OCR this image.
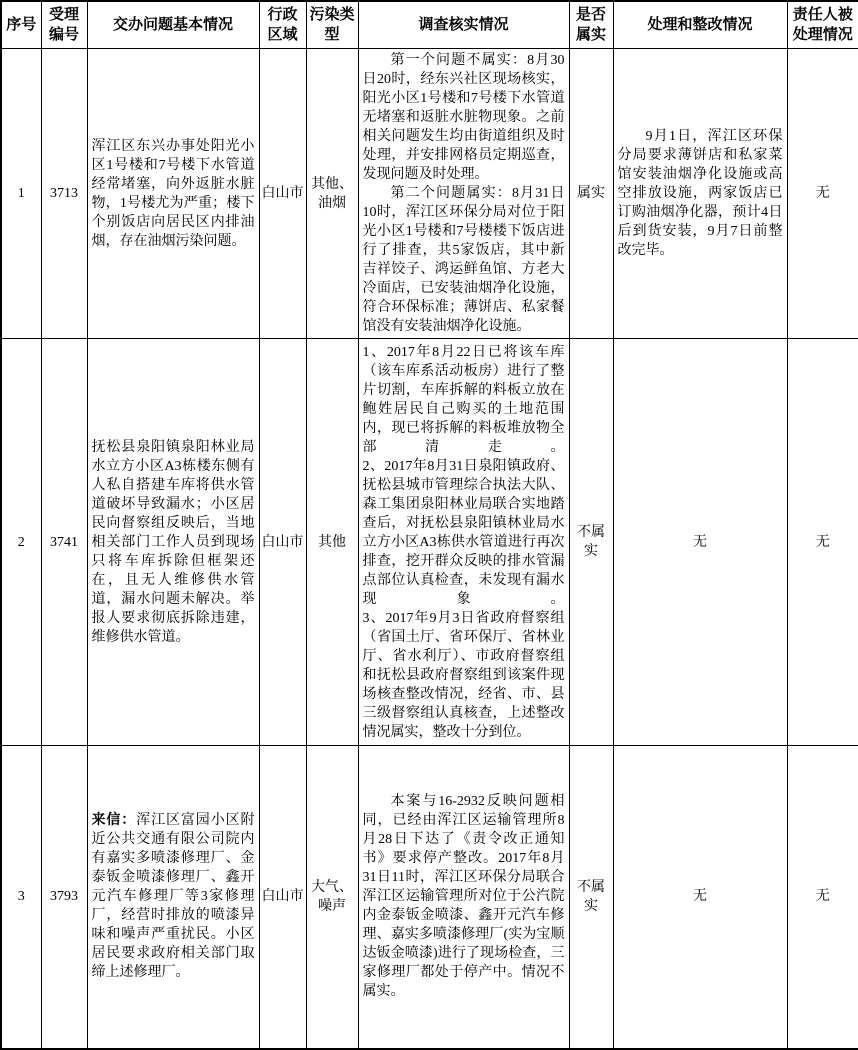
序号	受理编号	交办问题基本情况	行政区域	污染类型	调查核实情况	是否属实	处理和整改情况	责任人被处理情况
1	3713	浑江区东兴办事处阳光小区1号楼和7号楼下水管道经常堵塞，向外返脏水脏物，1号楼尤为严重；楼下个别饭店向居民区内排油烟，存在油烟污染问题。	白山市	其他、油烟	第一个问题不属实：8月30日20时，经东兴社区现场核实，阳光小区1号楼和7号楼下水管道无堵塞和返脏水脏物现象。之前相关问题发生均由街道组织及时处理，并安排网格员定期巡查，发现问题及时处理。

第二个问题属实：8月31日10时，浑江区环保分局对位于阳光小区1号楼和7号楼楼下饭店进行了排查，共5家饭店，其中新吉祥饺子、鸿运鲜鱼馆、方老大冷面店，已安装油烟净化设施，符合环保标准；薄饼店、私家餐馆没有安装油烟净化设施。	属实	9月1日，浑江区环保分局要求薄饼店和私家菜馆安装油烟净化设施或高空排放设施，两家饭店已订购油烟净化器，预计4日后到货安装，9月7日前整改完毕。	无
2	3741	抚松县泉阳镇泉阳林业局水立方小区A3栋楼东侧有人私自搭建车库将供水管道破坏导致漏水；小区居民向督察组反映后，当地相关部门工作人员到现场只将车库拆除但框架还在，且无人维修供水管道，漏水问题未解决。举报人要求彻底拆除违建，维修供水管道。	白山市	其他	1、2017年8月22日已将该车库（该车库系活动板房）进行了整片切割，车库拆解的料板立放在鲍姓居民自己购买的土地范围内，现已将拆解的料板堆放物全部清走。

2、2017年8月31日泉阳镇政府、抚松县城市管理综合执法大队、森工集团泉阳林业局联合实地踏查后，对抚松县泉阳镇林业局水立方小区A3栋供水管道进行再次排查，挖开群众反映的排水管漏点部位认真检查，未发现有漏水现象。

3、2017年9月3日省政府督察组（省国土厅、省环保厅、省林业厅、省水利厅）、市政府督察组和抚松县政府督察组到该案件现场核查整改情况，经省、市、县三级督察组认真核查，上述整改情况属实，整改十分到位。	不属实	无	无
3	3793	来信：浑江区富园小区附近公共交通有限公司院内有嘉实多喷漆修理厂、金泰钣金喷漆修理厂、鑫开元汽车修理厂等3家修理厂，经营时排放的喷漆异味和噪声严重扰民。小区居民要求政府相关部门取缔上述修理厂。	白山市	大气、噪声	本案与16-2932反映问题相同，已经由浑江区运输管理所8月28日下达了《责令改正通知书》要求停产整改。2017年8月31日11时，浑江区环保分局联合浑江区运输管理所对位于公汽院内金泰钣金喷漆、鑫开元汽车修理、嘉实多喷漆修理厂(实为宝顺达钣金喷漆)进行了现场检查，三家修理厂都处于停产中。情况不属实。	不属实	无	无
